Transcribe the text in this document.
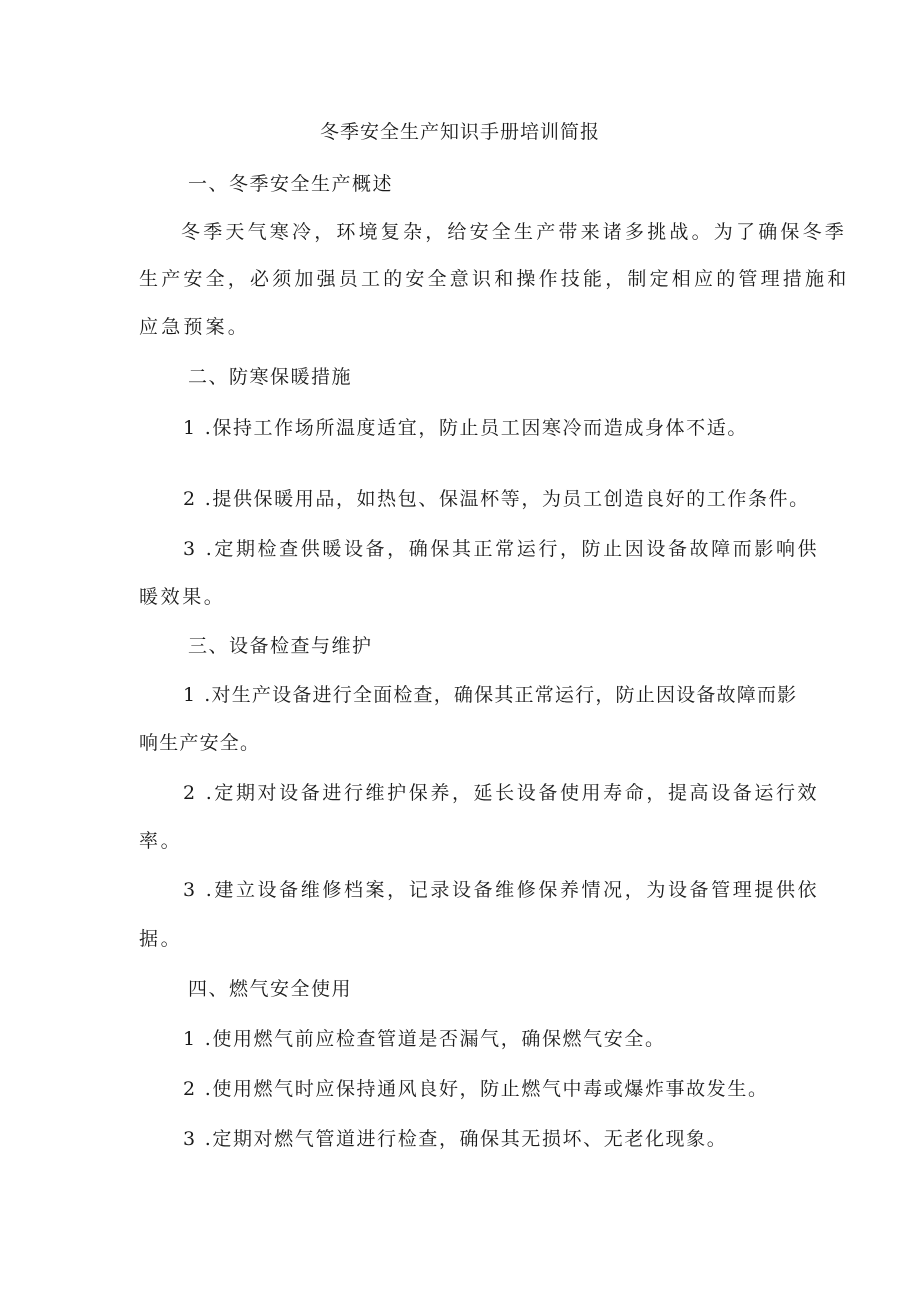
冬季安全生产知识手册培训简报
一、冬季安全生产概述
冬季天气寒冷，环境复杂，给安全生产带来诸多挑战。为了确保冬季
生产安全，必须加强员工的安全意识和操作技能，制定相应的管理措施和
应急预案。
二、防寒保暖措施
1 .保持工作场所温度适宜，防止员工因寒冷而造成身体不适。
2 .提供保暖用品，如热包、保温杯等，为员工创造良好的工作条件。
3 .定期检查供暖设备，确保其正常运行，防止因设备故障而影响供
暖效果。
三、设备检查与维护
1 .对生产设备进行全面检查，确保其正常运行，防止因设备故障而影
响生产安全。
2 .定期对设备进行维护保养，延长设备使用寿命，提高设备运行效
率。
3 .建立设备维修档案，记录设备维修保养情况，为设备管理提供依
据。
四、燃气安全使用
1 .使用燃气前应检查管道是否漏气，确保燃气安全。
2 .使用燃气时应保持通风良好，防止燃气中毒或爆炸事故发生。
3 .定期对燃气管道进行检查，确保其无损坏、无老化现象。
